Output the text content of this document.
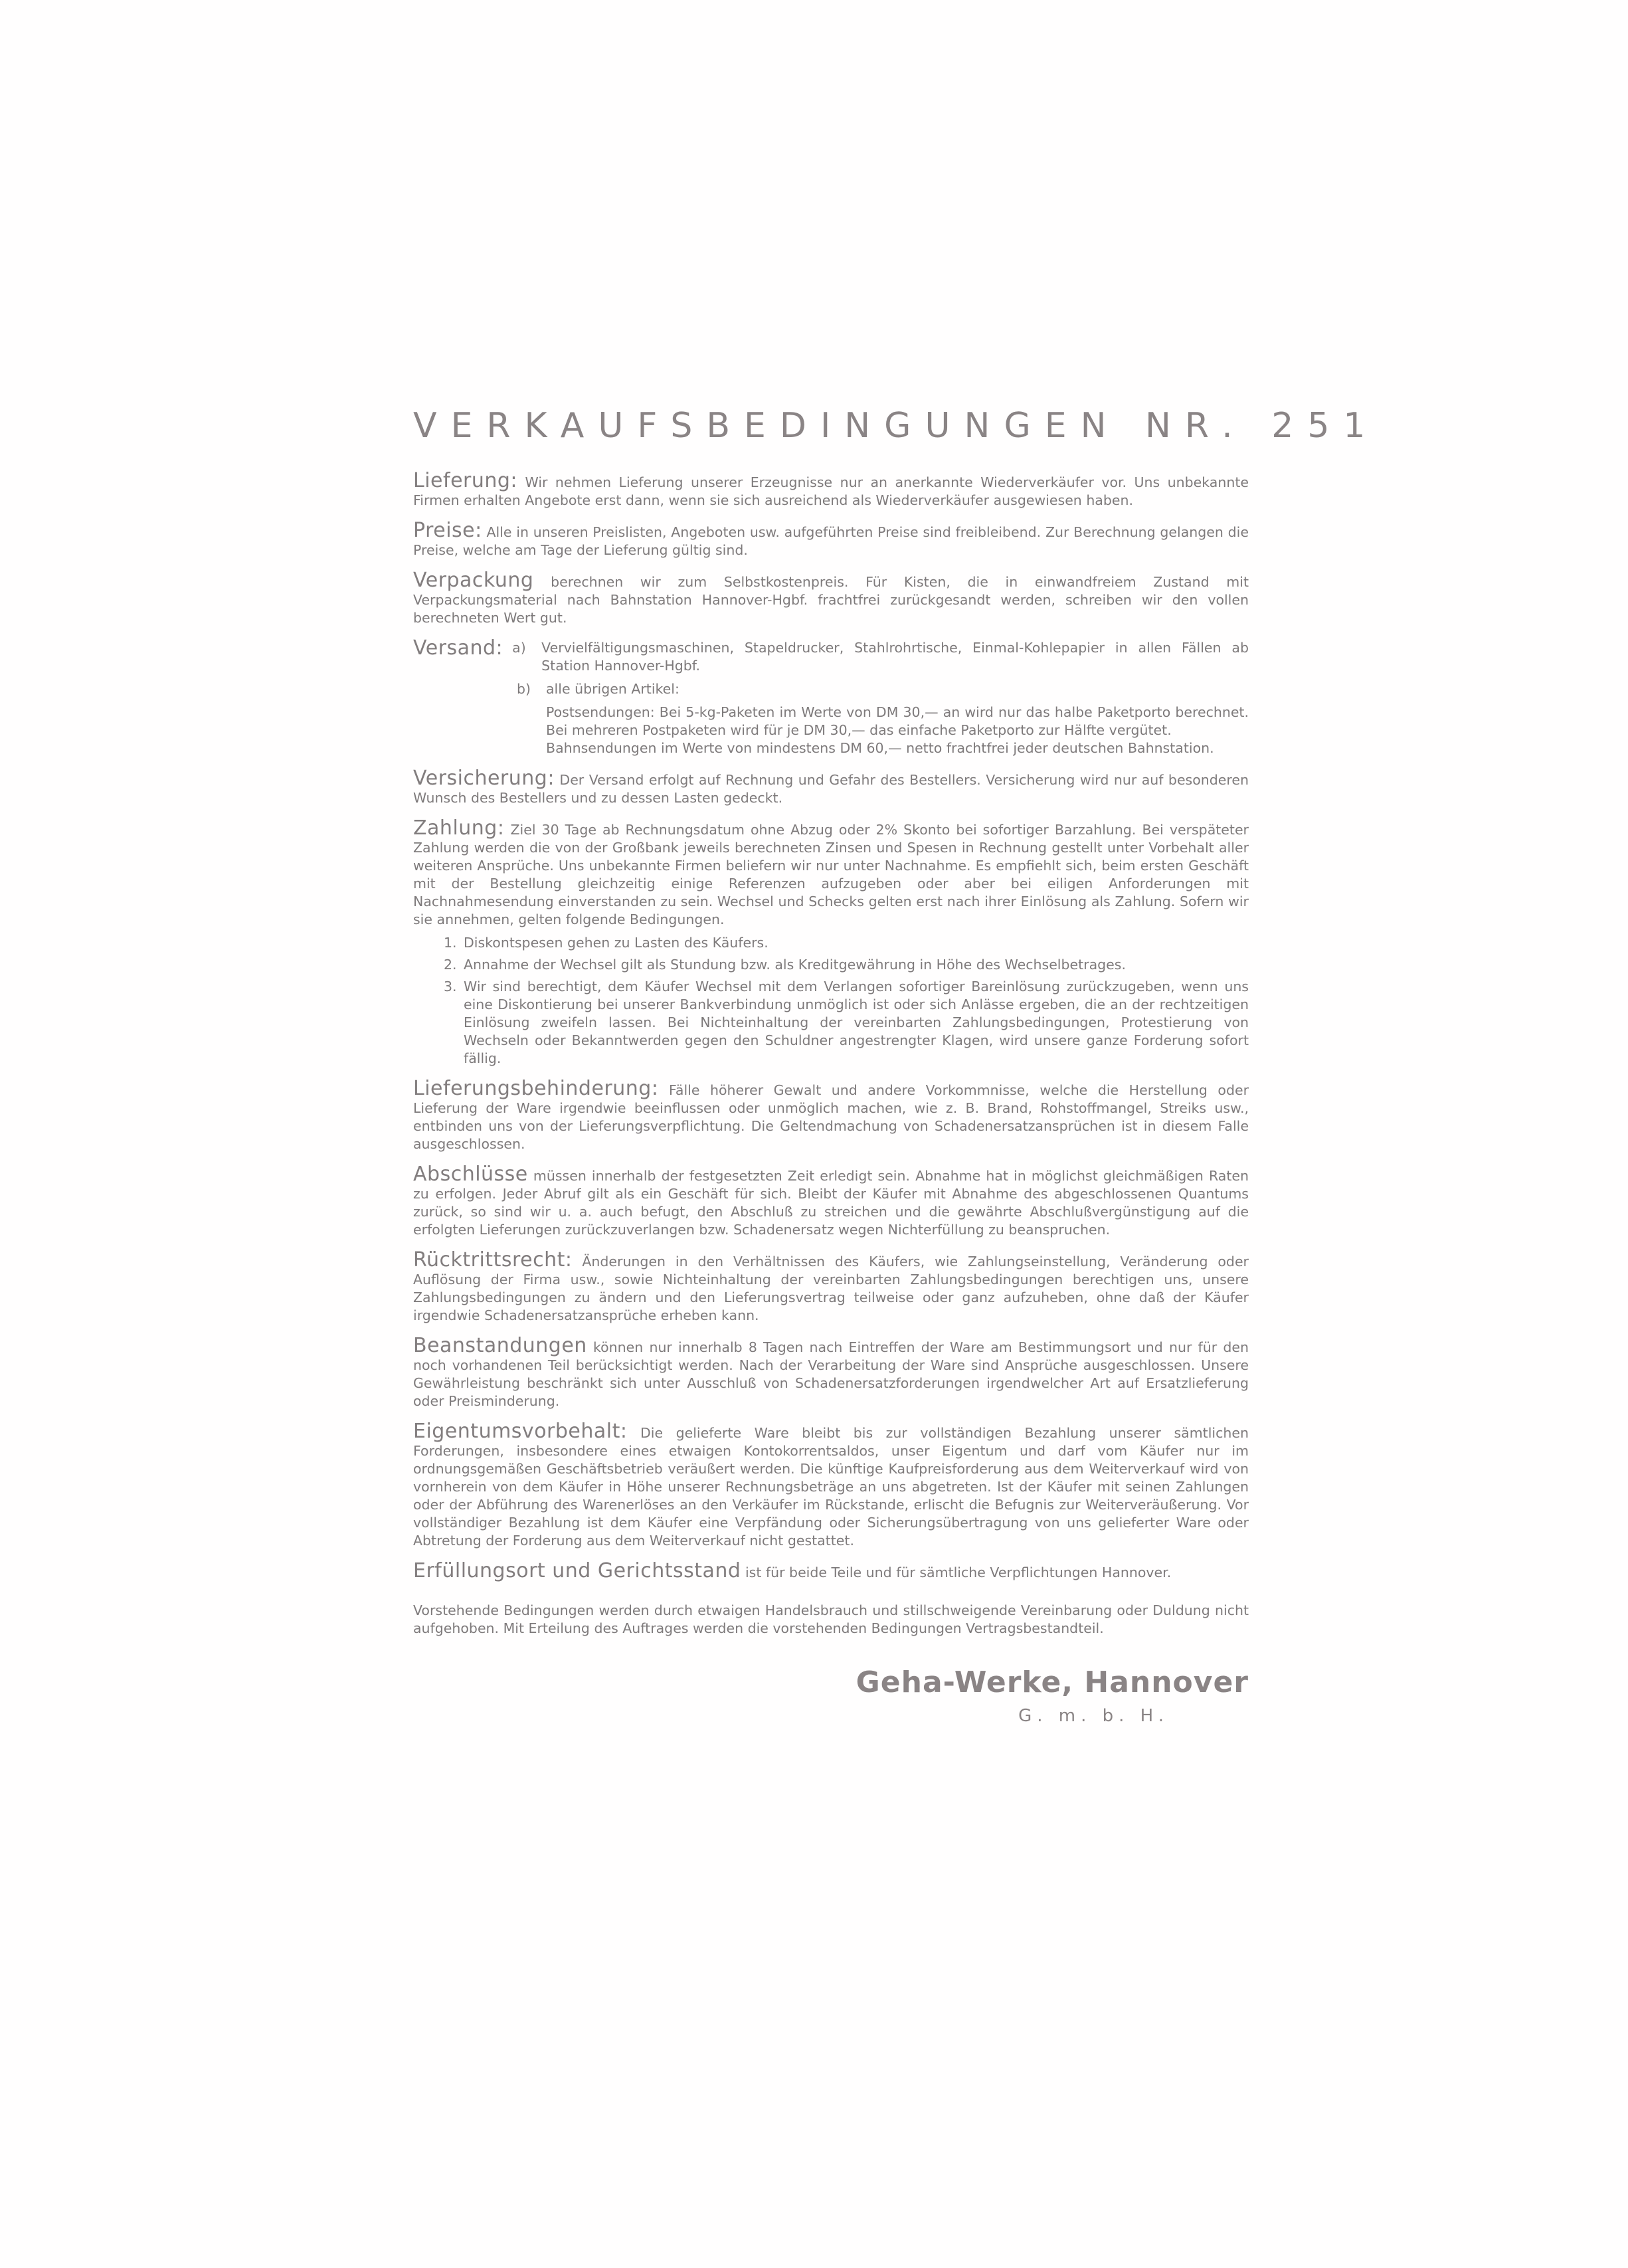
VERKAUFSBEDINGUNGEN NR. 251

Lieferung: Wir nehmen Lieferung unserer Erzeugnisse nur an anerkannte Wiederverkäufer vor. Uns unbekannte Firmen erhalten Angebote erst dann, wenn sie sich ausreichend als Wiederverkäufer ausgewiesen haben.

Preise: Alle in unseren Preislisten, Angeboten usw. aufgeführten Preise sind freibleibend. Zur Berechnung gelangen die Preise, welche am Tage der Lieferung gültig sind.

Verpackung berechnen wir zum Selbstkostenpreis. Für Kisten, die in einwandfreiem Zustand mit Verpackungsmaterial nach Bahnstation Hannover-Hgbf. frachtfrei zurückgesandt werden, schreiben wir den vollen berechneten Wert gut.

Versand: a)	Vervielfältigungsmaschinen, Stapeldrucker, Stahlrohrtische, Einmal-Kohlepapier in allen Fällen ab Station Hannover-Hgbf.
b)	alle übrigen Artikel:
Postsendungen: Bei 5-kg-Paketen im Werte von DM 30,— an wird nur das halbe Paketporto berechnet. Bei mehreren Postpaketen wird für je DM 30,— das einfache Paketporto zur Hälfte vergütet.
Bahnsendungen im Werte von mindestens DM 60,— netto frachtfrei jeder deutschen Bahnstation.

Versicherung: Der Versand erfolgt auf Rechnung und Gefahr des Bestellers. Versicherung wird nur auf besonderen Wunsch des Bestellers und zu dessen Lasten gedeckt.

Zahlung: Ziel 30 Tage ab Rechnungsdatum ohne Abzug oder 2% Skonto bei sofortiger Barzahlung. Bei verspäteter Zahlung werden die von der Großbank jeweils berechneten Zinsen und Spesen in Rechnung gestellt unter Vorbehalt aller weiteren Ansprüche. Uns unbekannte Firmen beliefern wir nur unter Nachnahme. Es empfiehlt sich, beim ersten Geschäft mit der Bestellung gleichzeitig einige Referenzen aufzugeben oder aber bei eiligen Anforderungen mit Nachnahmesendung einverstanden zu sein. Wechsel und Schecks gelten erst nach ihrer Einlösung als Zahlung. Sofern wir sie annehmen, gelten folgende Bedingungen.
1. Diskontspesen gehen zu Lasten des Käufers.
2. Annahme der Wechsel gilt als Stundung bzw. als Kreditgewährung in Höhe des Wechselbetrages.
3. Wir sind berechtigt, dem Käufer Wechsel mit dem Verlangen sofortiger Bareinlösung zurückzugeben, wenn uns eine Diskontierung bei unserer Bankverbindung unmöglich ist oder sich Anlässe ergeben, die an der rechtzeitigen Einlösung zweifeln lassen. Bei Nichteinhaltung der vereinbarten Zahlungsbedingungen, Protestierung von Wechseln oder Bekanntwerden gegen den Schuldner angestrengter Klagen, wird unsere ganze Forderung sofort fällig.

Lieferungsbehinderung: Fälle höherer Gewalt und andere Vorkommnisse, welche die Herstellung oder Lieferung der Ware irgendwie beeinflussen oder unmöglich machen, wie z. B. Brand, Rohstoffmangel, Streiks usw., entbinden uns von der Lieferungsverpflichtung. Die Geltendmachung von Schadenersatzansprüchen ist in diesem Falle ausgeschlossen.

Abschlüsse müssen innerhalb der festgesetzten Zeit erledigt sein. Abnahme hat in möglichst gleichmäßigen Raten zu erfolgen. Jeder Abruf gilt als ein Geschäft für sich. Bleibt der Käufer mit Abnahme des abgeschlossenen Quantums zurück, so sind wir u. a. auch befugt, den Abschluß zu streichen und die gewährte Abschlußvergünstigung auf die erfolgten Lieferungen zurückzuverlangen bzw. Schadenersatz wegen Nichterfüllung zu beanspruchen.

Rücktrittsrecht: Änderungen in den Verhältnissen des Käufers, wie Zahlungseinstellung, Veränderung oder Auflösung der Firma usw., sowie Nichteinhaltung der vereinbarten Zahlungsbedingungen berechtigen uns, unsere Zahlungsbedingungen zu ändern und den Lieferungsvertrag teilweise oder ganz aufzuheben, ohne daß der Käufer irgendwie Schadenersatzansprüche erheben kann.

Beanstandungen können nur innerhalb 8 Tagen nach Eintreffen der Ware am Bestimmungsort und nur für den noch vorhandenen Teil berücksichtigt werden. Nach der Verarbeitung der Ware sind Ansprüche ausgeschlossen. Unsere Gewährleistung beschränkt sich unter Ausschluß von Schadenersatzforderungen irgendwelcher Art auf Ersatzlieferung oder Preisminderung.

Eigentumsvorbehalt: Die gelieferte Ware bleibt bis zur vollständigen Bezahlung unserer sämtlichen Forderungen, insbesondere eines etwaigen Kontokorrentsaldos, unser Eigentum und darf vom Käufer nur im ordnungsgemäßen Geschäftsbetrieb veräußert werden. Die künftige Kaufpreisforderung aus dem Weiterverkauf wird von vornherein von dem Käufer in Höhe unserer Rechnungsbeträge an uns abgetreten. Ist der Käufer mit seinen Zahlungen oder der Abführung des Warenerlöses an den Verkäufer im Rückstande, erlischt die Befugnis zur Weiterveräußerung. Vor vollständiger Bezahlung ist dem Käufer eine Verpfändung oder Sicherungsübertragung von uns gelieferter Ware oder Abtretung der Forderung aus dem Weiterverkauf nicht gestattet.

Erfüllungsort und Gerichtsstand ist für beide Teile und für sämtliche Verpflichtungen Hannover.

Vorstehende Bedingungen werden durch etwaigen Handelsbrauch und stillschweigende Vereinbarung oder Duldung nicht aufgehoben. Mit Erteilung des Auftrages werden die vorstehenden Bedingungen Vertragsbestandteil.

Geha-Werke, Hannover
G. m. b. H.
